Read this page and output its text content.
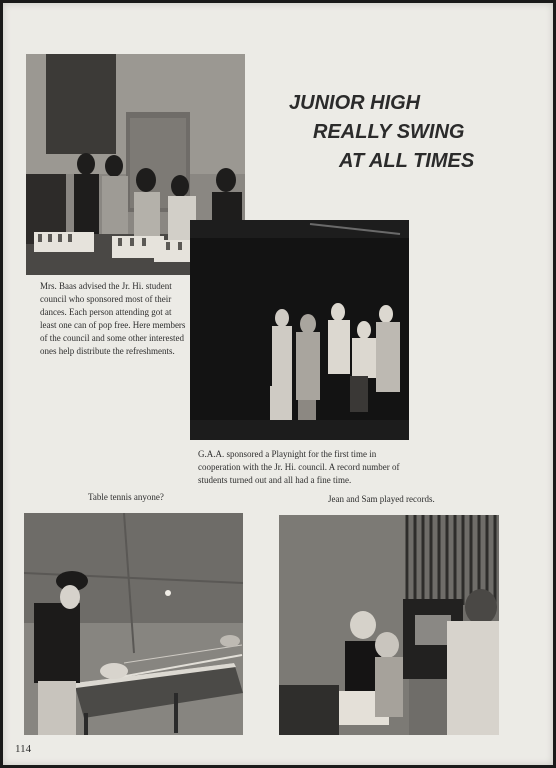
JUNIOR HIGH
REALLY SWING
AT ALL TIMES
Mrs. Baas advised the Jr. Hi. student council who sponsored most of their dances. Each person attending got at least one can of pop free. Here members of the council and some other interested ones help distribute the refreshments.
G.A.A. sponsored a Playnight for the first time in cooperation with the Jr. Hi. council. A record number of students turned out and all had a fine time.
Table tennis anyone?	Jean and Sam played records.
114
